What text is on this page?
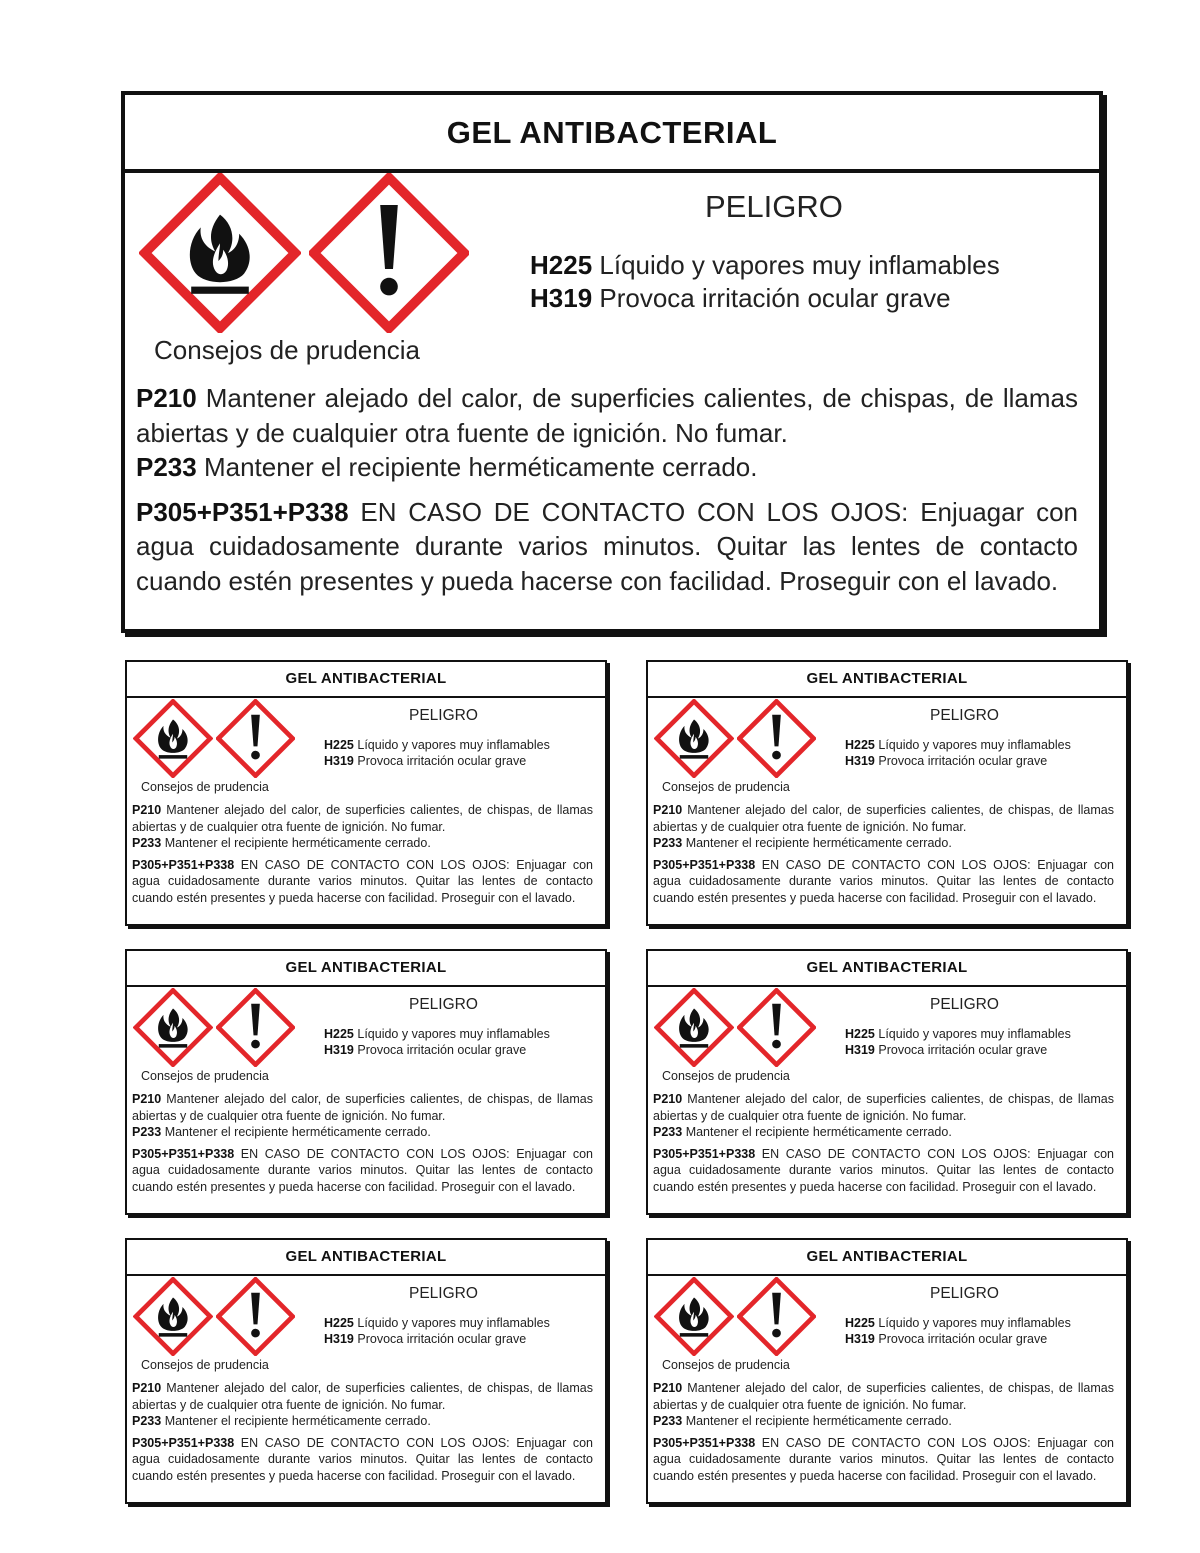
GEL ANTIBACTERIAL
PELIGRO
H225 Líquido y vapores muy inflamables
H319 Provoca irritación ocular grave
Consejos de prudencia

P210 Mantener alejado del calor, de superficies calientes, de chispas, de llamas abiertas y de cualquier otra fuente de ignición. No fumar.

P233 Mantener el recipiente herméticamente cerrado.

P305+P351+P338 EN CASO DE CONTACTO CON LOS OJOS: Enjuagar con agua cuidadosamente durante varios minutos. Quitar las lentes de contacto cuando estén presentes y pueda hacerse con facilidad. Proseguir con el lavado.

GEL ANTIBACTERIAL
PELIGRO
H225 Líquido y vapores muy inflamables
H319 Provoca irritación ocular grave
Consejos de prudencia

P210 Mantener alejado del calor, de superficies calientes, de chispas, de llamas abiertas y de cualquier otra fuente de ignición. No fumar.

P233 Mantener el recipiente herméticamente cerrado.

P305+P351+P338 EN CASO DE CONTACTO CON LOS OJOS: Enjuagar con agua cuidadosamente durante varios minutos. Quitar las lentes de contacto cuando estén presentes y pueda hacerse con facilidad. Proseguir con el lavado.

GEL ANTIBACTERIAL
PELIGRO
H225 Líquido y vapores muy inflamables
H319 Provoca irritación ocular grave
Consejos de prudencia

P210 Mantener alejado del calor, de superficies calientes, de chispas, de llamas abiertas y de cualquier otra fuente de ignición. No fumar.

P233 Mantener el recipiente herméticamente cerrado.

P305+P351+P338 EN CASO DE CONTACTO CON LOS OJOS: Enjuagar con agua cuidadosamente durante varios minutos. Quitar las lentes de contacto cuando estén presentes y pueda hacerse con facilidad. Proseguir con el lavado.

GEL ANTIBACTERIAL
PELIGRO
H225 Líquido y vapores muy inflamables
H319 Provoca irritación ocular grave
Consejos de prudencia

P210 Mantener alejado del calor, de superficies calientes, de chispas, de llamas abiertas y de cualquier otra fuente de ignición. No fumar.

P233 Mantener el recipiente herméticamente cerrado.

P305+P351+P338 EN CASO DE CONTACTO CON LOS OJOS: Enjuagar con agua cuidadosamente durante varios minutos. Quitar las lentes de contacto cuando estén presentes y pueda hacerse con facilidad. Proseguir con el lavado.

GEL ANTIBACTERIAL
PELIGRO
H225 Líquido y vapores muy inflamables
H319 Provoca irritación ocular grave
Consejos de prudencia

P210 Mantener alejado del calor, de superficies calientes, de chispas, de llamas abiertas y de cualquier otra fuente de ignición. No fumar.

P233 Mantener el recipiente herméticamente cerrado.

P305+P351+P338 EN CASO DE CONTACTO CON LOS OJOS: Enjuagar con agua cuidadosamente durante varios minutos. Quitar las lentes de contacto cuando estén presentes y pueda hacerse con facilidad. Proseguir con el lavado.

GEL ANTIBACTERIAL
PELIGRO
H225 Líquido y vapores muy inflamables
H319 Provoca irritación ocular grave
Consejos de prudencia

P210 Mantener alejado del calor, de superficies calientes, de chispas, de llamas abiertas y de cualquier otra fuente de ignición. No fumar.

P233 Mantener el recipiente herméticamente cerrado.

P305+P351+P338 EN CASO DE CONTACTO CON LOS OJOS: Enjuagar con agua cuidadosamente durante varios minutos. Quitar las lentes de contacto cuando estén presentes y pueda hacerse con facilidad. Proseguir con el lavado.

GEL ANTIBACTERIAL
PELIGRO
H225 Líquido y vapores muy inflamables
H319 Provoca irritación ocular grave
Consejos de prudencia

P210 Mantener alejado del calor, de superficies calientes, de chispas, de llamas abiertas y de cualquier otra fuente de ignición. No fumar.

P233 Mantener el recipiente herméticamente cerrado.

P305+P351+P338 EN CASO DE CONTACTO CON LOS OJOS: Enjuagar con agua cuidadosamente durante varios minutos. Quitar las lentes de contacto cuando estén presentes y pueda hacerse con facilidad. Proseguir con el lavado.
